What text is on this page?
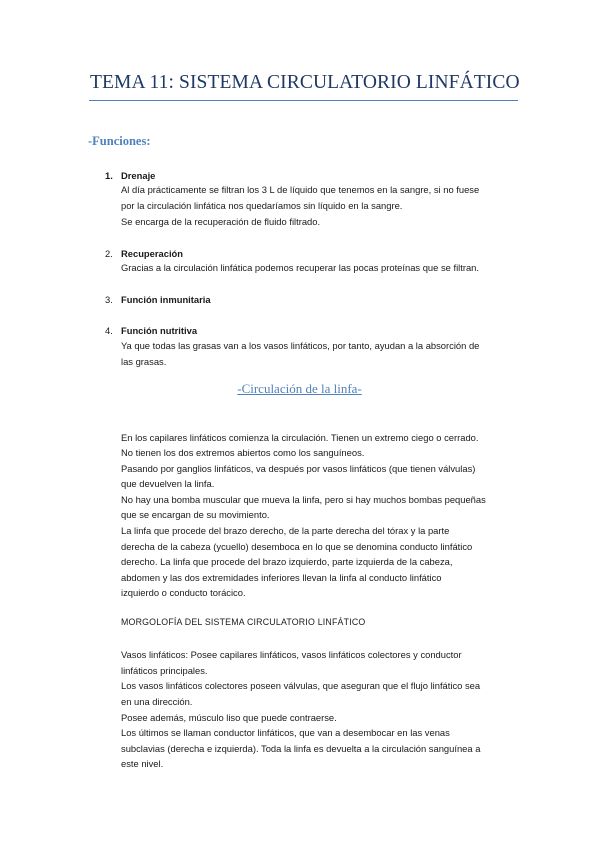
TEMA 11: SISTEMA CIRCULATORIO LINFÁTICO
-Funciones:
1. Drenaje
Al día prácticamente se filtran los 3 L de líquido que tenemos en la sangre, si no fuese
por la circulación linfática nos quedaríamos sin líquido en la sangre.
Se encarga de la recuperación de fluido filtrado.
2. Recuperación
Gracias a la circulación linfática podemos recuperar las pocas proteínas que se filtran.
3. Función inmunitaria
4. Función nutritiva
Ya que todas las grasas van a los vasos linfáticos, por tanto, ayudan a la absorción de
las grasas.
-Circulación de la linfa-
En los capilares linfáticos comienza la circulación. Tienen un extremo ciego o cerrado.
No tienen los dos extremos abiertos como los sanguíneos.
Pasando por ganglios linfáticos, va después por vasos linfáticos (que tienen válvulas)
que devuelven la linfa.
No hay una bomba muscular que mueva la linfa, pero si hay muchos bombas pequeñas
que se encargan de su movimiento.
La linfa que procede del brazo derecho, de la parte derecha del tórax y la parte
derecha de la cabeza (ycuello) desemboca en lo que se denomina conducto linfático
derecho. La linfa que procede del brazo izquierdo, parte izquierda de la cabeza,
abdomen y las dos extremidades inferiores llevan la linfa al conducto linfático
izquierdo o conducto torácico.
MORGOLOFÍA DEL SISTEMA CIRCULATORIO LINFÁTICO
Vasos linfáticos: Posee capilares linfáticos, vasos linfáticos colectores y conductor
linfáticos principales.
Los vasos linfáticos colectores poseen válvulas, que aseguran que el flujo linfático sea
en una dirección.
Posee además, músculo liso que puede contraerse.
Los últimos se llaman conductor linfáticos, que van a desembocar en las venas
subclavias (derecha e izquierda). Toda la linfa es devuelta a la circulación sanguínea a
este nivel.
